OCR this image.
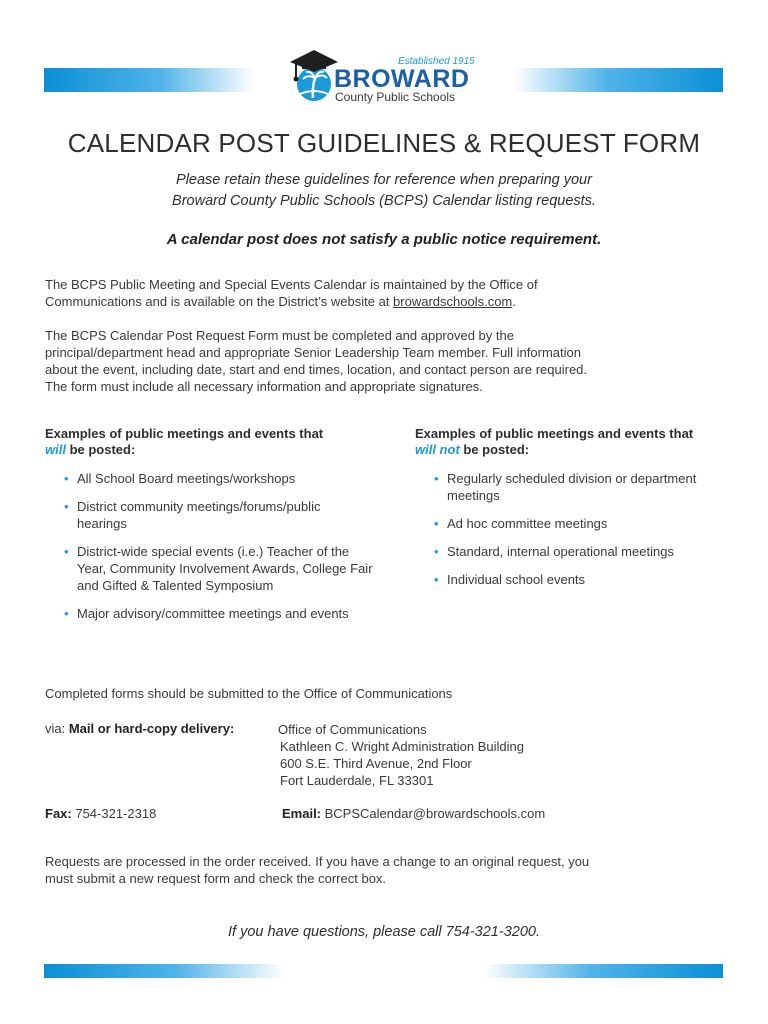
Established 1915
BROWARD
County Public Schools
CALENDAR POST GUIDELINES & REQUEST FORM
Please retain these guidelines for reference when preparing your
Broward County Public Schools (BCPS) Calendar listing requests.
A calendar post does not satisfy a public notice requirement.
The BCPS Public Meeting and Special Events Calendar is maintained by the Office of
Communications and is available on the District’s website at browardschools.com.
The BCPS Calendar Post Request Form must be completed and approved by the
principal/department head and appropriate Senior Leadership Team member. Full information
about the event, including date, start and end times, location, and contact person are required.
The form must include all necessary information and appropriate signatures.
Examples of public meetings and events that
will be posted:
• All School Board meetings/workshops
• District community meetings/forums/public hearings
• District-wide special events (i.e.) Teacher of the Year, Community Involvement Awards, College Fair and Gifted & Talented Symposium
• Major advisory/committee meetings and events
Examples of public meetings and events that
will not be posted:
• Regularly scheduled division or department meetings
• Ad hoc committee meetings
• Standard, internal operational meetings
• Individual school events
Completed forms should be submitted to the Office of Communications
via: Mail or hard-copy delivery:	Office of Communications
Kathleen C. Wright Administration Building
600 S.E. Third Avenue, 2nd Floor
Fort Lauderdale, FL 33301
Fax: 754-321-2318	Email: BCPSCalendar@browardschools.com
Requests are processed in the order received. If you have a change to an original request, you
must submit a new request form and check the correct box.
If you have questions, please call 754-321-3200.
